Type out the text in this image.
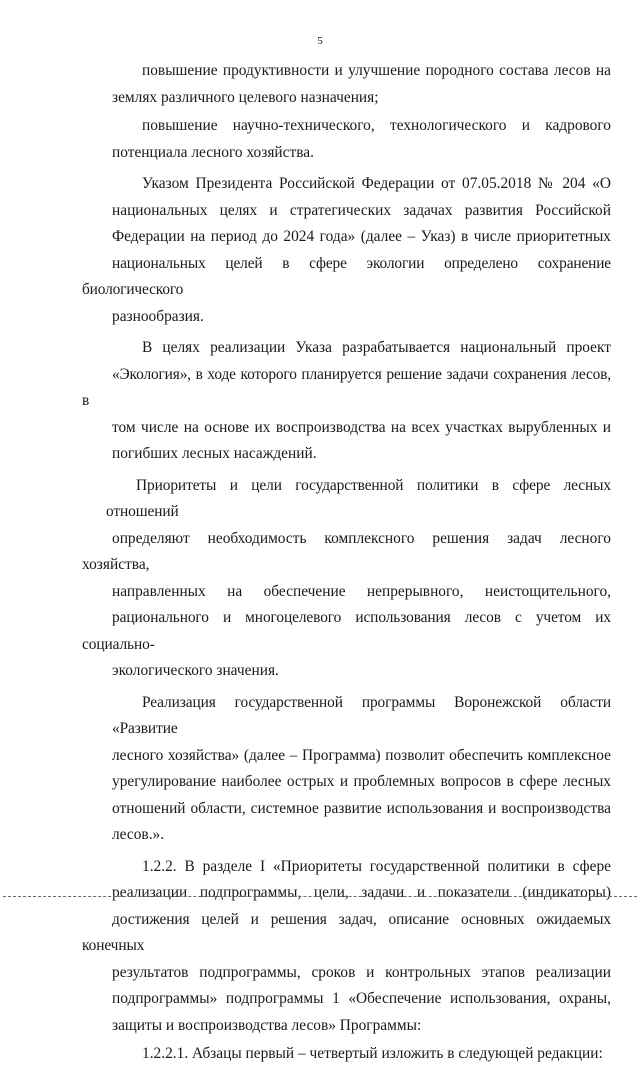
5
повышение продуктивности и улучшение породного состава лесов на
землях различного целевого назначения;
повышение научно-технического, технологического и кадрового
потенциала лесного хозяйства.
Указом Президента Российской Федерации от 07.05.2018 № 204 «О
национальных целях и стратегических задачах развития Российской
Федерации на период до 2024 года» (далее – Указ) в числе приоритетных
национальных целей в сфере экологии определено сохранение биологического
разнообразия.
В целях реализации Указа разрабатывается национальный проект
«Экология», в ходе которого планируется решение задачи сохранения лесов, в
том числе на основе их воспроизводства на всех участках вырубленных и
погибших лесных насаждений.
Приоритеты и цели государственной политики в сфере лесных отношений
определяют необходимость комплексного решения задач лесного хозяйства,
направленных на обеспечение непрерывного, неистощительного,
рационального и многоцелевого использования лесов с учетом их социально-
экологического значения.
Реализация государственной программы Воронежской области «Развитие
лесного хозяйства» (далее – Программа) позволит обеспечить комплексное
урегулирование наиболее острых и проблемных вопросов в сфере лесных
отношений области, системное развитие использования и воспроизводства
лесов.».
1.2.2. В разделе I «Приоритеты государственной политики в сфере
реализации подпрограммы, цели, задачи и показатели (индикаторы)
достижения целей и решения задач, описание основных ожидаемых конечных
результатов подпрограммы, сроков и контрольных этапов реализации
подпрограммы» подпрограммы 1 «Обеспечение использования, охраны,
защиты и воспроизводства лесов» Программы:
1.2.2.1. Абзацы первый – четвертый изложить в следующей редакции:
